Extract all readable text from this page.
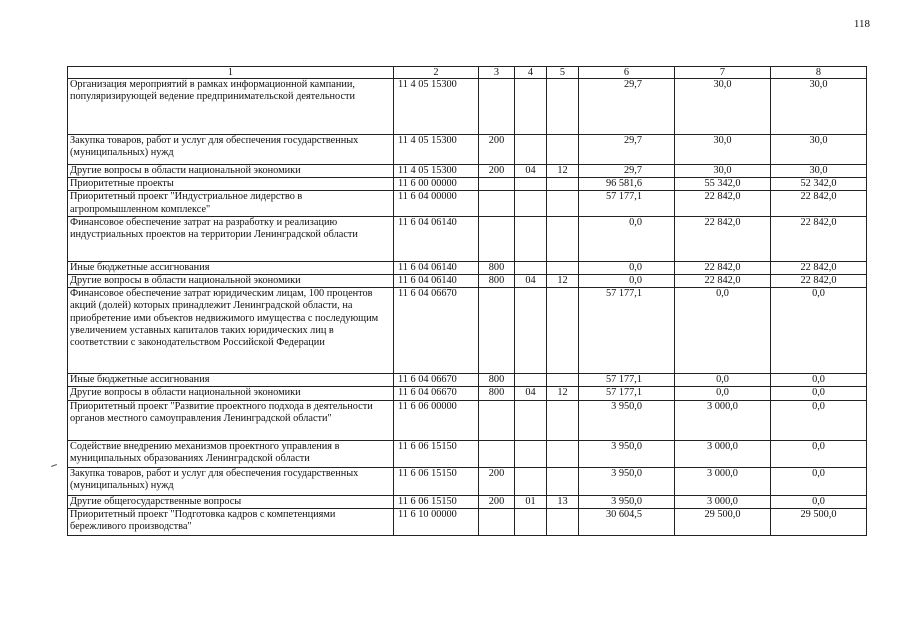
118
1	2	3	4	5	6	7	8
Организация мероприятий в рамках информационной кампании, популяризирующей ведение предпринимательской деятельности	11 4 05 15300				29,7	30,0	30,0
Закупка товаров, работ и услуг для обеспечения государственных (муниципальных) нужд	11 4 05 15300	200			29,7	30,0	30,0
Другие вопросы в области национальной экономики	11 4 05 15300	200	04	12	29,7	30,0	30,0
Приоритетные проекты	11 6 00 00000				96 581,6	55 342,0	52 342,0
Приоритетный проект "Индустриальное лидерство в агропромышленном комплексе"	11 6 04 00000				57 177,1	22 842,0	22 842,0
Финансовое обеспечение затрат на разработку и реализацию индустриальных проектов на территории Ленинградской области	11 6 04 06140				0,0	22 842,0	22 842,0
Иные бюджетные ассигнования	11 6 04 06140	800			0,0	22 842,0	22 842,0
Другие вопросы в области национальной экономики	11 6 04 06140	800	04	12	0,0	22 842,0	22 842,0
Финансовое обеспечение затрат юридическим лицам, 100 процентов акций (долей) которых принадлежит Ленинградской области, на приобретение ими объектов недвижимого имущества с последующим увеличением уставных капиталов таких юридических лиц в соответствии с законодательством Российской Федерации	11 6 04 06670				57 177,1	0,0	0,0
Иные бюджетные ассигнования	11 6 04 06670	800			57 177,1	0,0	0,0
Другие вопросы в области национальной экономики	11 6 04 06670	800	04	12	57 177,1	0,0	0,0
Приоритетный проект "Развитие проектного подхода в деятельности органов местного самоуправления Ленинградской области"	11 6 06 00000				3 950,0	3 000,0	0,0
Содействие внедрению механизмов проектного управления в муниципальных образованиях Ленинградской области	11 6 06 15150				3 950,0	3 000,0	0,0
Закупка товаров, работ и услуг для обеспечения государственных (муниципальных) нужд	11 6 06 15150	200			3 950,0	3 000,0	0,0
Другие общегосударственные вопросы	11 6 06 15150	200	01	13	3 950,0	3 000,0	0,0
Приоритетный проект "Подготовка кадров с компетенциями бережливого производства"	11 6 10 00000				30 604,5	29 500,0	29 500,0
